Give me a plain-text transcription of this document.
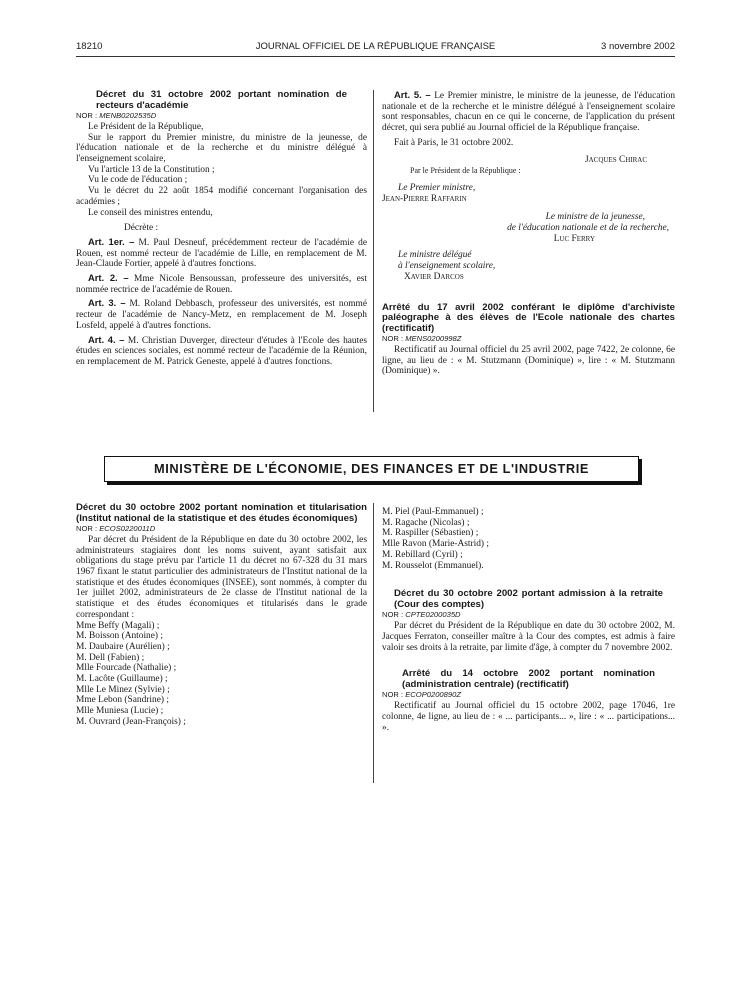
18210	JOURNAL OFFICIEL DE LA RÉPUBLIQUE FRANÇAISE	3 novembre 2002

Décret du 31 octobre 2002 portant nomination de recteurs d'académie

NOR : MENB0202535D

Le Président de la République,

Sur le rapport du Premier ministre, du ministre de la jeunesse, de l'éducation nationale et de la recherche et du ministre délégué à l'enseignement scolaire,

Vu l'article 13 de la Constitution ;

Vu le code de l'éducation ;

Vu le décret du 22 août 1854 modifié concernant l'organisation des académies ;

Le conseil des ministres entendu,

Décrète :

Art. 1er. – M. Paul Desneuf, précédemment recteur de l'académie de Rouen, est nommé recteur de l'académie de Lille, en remplacement de M. Jean-Claude Fortier, appelé à d'autres fonctions.

Art. 2. – Mme Nicole Bensoussan, professeure des universités, est nommée rectrice de l'académie de Rouen.

Art. 3. – M. Roland Debbasch, professeur des universités, est nommé recteur de l'académie de Nancy-Metz, en remplacement de M. Joseph Losfeld, appelé à d'autres fonctions.

Art. 4. – M. Christian Duverger, directeur d'études à l'Ecole des hautes études en sciences sociales, est nommé recteur de l'académie de la Réunion, en remplacement de M. Patrick Geneste, appelé à d'autres fonctions.

Art. 5. – Le Premier ministre, le ministre de la jeunesse, de l'éducation nationale et de la recherche et le ministre délégué à l'enseignement scolaire sont responsables, chacun en ce qui le concerne, de l'application du présent décret, qui sera publié au Journal officiel de la République française.

Fait à Paris, le 31 octobre 2002.

Jacques Chirac

Par le Président de la République :

Le Premier ministre,

Jean-Pierre Raffarin

Le ministre de la jeunesse,

de l'éducation nationale et de la recherche,

Luc Ferry

Le ministre délégué

à l'enseignement scolaire,

Xavier Darcos

Arrêté du 17 avril 2002 conférant le diplôme d'archiviste paléographe à des élèves de l'Ecole nationale des chartes (rectificatif)

NOR : MENS0200998Z

Rectificatif au Journal officiel du 25 avril 2002, page 7422, 2e colonne, 6e ligne, au lieu de : « M. Stutzmann (Dominique) », lire : « M. Stutzmann (Dominique) ».

MINISTÈRE DE L'ÉCONOMIE, DES FINANCES ET DE L'INDUSTRIE

Décret du 30 octobre 2002 portant nomination et titularisation (Institut national de la statistique et des études économiques)

NOR : ECOS0220011D

Par décret du Président de la République en date du 30 octobre 2002, les administrateurs stagiaires dont les noms suivent, ayant satisfait aux obligations du stage prévu par l'article 11 du décret no 67-328 du 31 mars 1967 fixant le statut particulier des administrateurs de l'Institut national de la statistique et des études économiques (INSEE), sont nommés, à compter du 1er juillet 2002, administrateurs de 2e classe de l'Institut national de la statistique et des études économiques et titularisés dans le grade correspondant :

Mme Beffy (Magali) ;

M. Boisson (Antoine) ;

M. Daubaire (Aurélien) ;

M. Dell (Fabien) ;

Mlle Fourcade (Nathalie) ;

M. Lacôte (Guillaume) ;

Mlle Le Minez (Sylvie) ;

Mme Lebon (Sandrine) ;

Mlle Muniesa (Lucie) ;

M. Ouvrard (Jean-François) ;

M. Piel (Paul-Emmanuel) ;

M. Ragache (Nicolas) ;

M. Raspiller (Sébastien) ;

Mlle Ravon (Marie-Astrid) ;

M. Rebillard (Cyril) ;

M. Rousselot (Emmanuel).

Décret du 30 octobre 2002 portant admission à la retraite (Cour des comptes)

NOR : CPTE0200035D

Par décret du Président de la République en date du 30 octobre 2002, M. Jacques Ferraton, conseiller maître à la Cour des comptes, est admis à faire valoir ses droits à la retraite, par limite d'âge, à compter du 7 novembre 2002.

Arrêté du 14 octobre 2002 portant nomination (administration centrale) (rectificatif)

NOR : ECOP0200890Z

Rectificatif au Journal officiel du 15 octobre 2002, page 17046, 1re colonne, 4e ligne, au lieu de : « ... participants... », lire : « ... participations... ».
